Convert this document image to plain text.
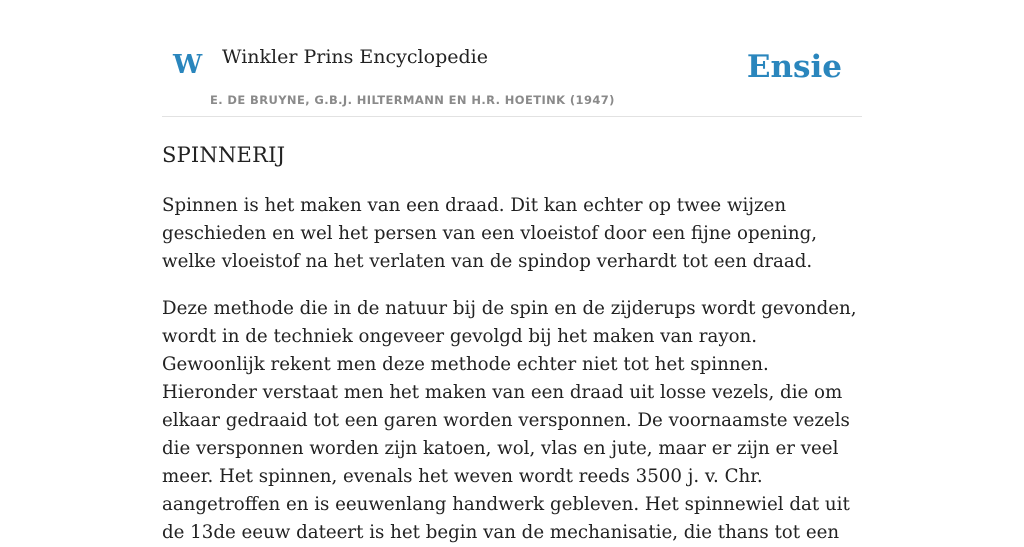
W Winkler Prins Encyclopedie
E. DE BRUYNE, G.B.J. HILTERMANN EN H.R. HOETINK (1947)
Ensie
SPINNERIJ

Spinnen is het maken van een draad. Dit kan echter op twee wijzen geschieden en wel het persen van een vloeistof door een fijne opening, welke vloeistof na het verlaten van de spindop verhardt tot een draad.

Deze methode die in de natuur bij de spin en de zijderups wordt gevonden, wordt in de techniek ongeveer gevolgd bij het maken van rayon. Gewoonlijk rekent men deze methode echter niet tot het spinnen. Hieronder verstaat men het maken van een draad uit losse vezels, die om elkaar gedraaid tot een garen worden versponnen. De voornaamste vezels die versponnen worden zijn katoen, wol, vlas en jute, maar er zijn er veel meer. Het spinnen, evenals het weven wordt reeds 3500 j. v. Chr. aangetroffen en is eeuwenlang handwerk gebleven. Het spinnewiel dat uit de 13de eeuw dateert is het begin van de mechanisatie, die thans tot een
